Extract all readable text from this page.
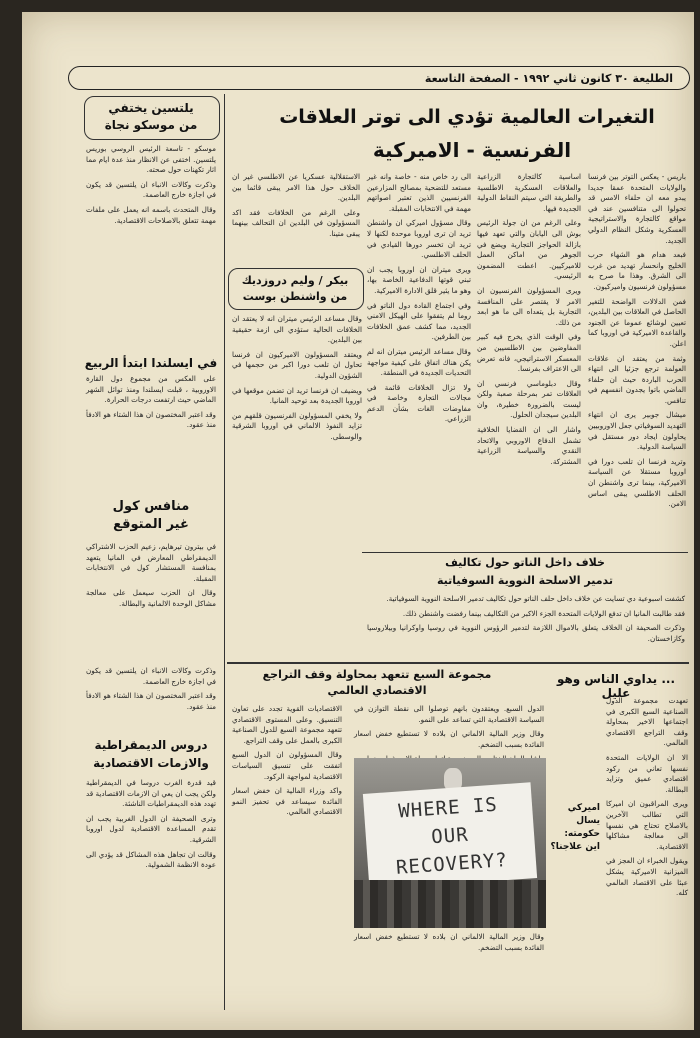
الطليعة ٣٠ كانون ثاني ١٩٩٢ - الصفحة التاسعة
التغيرات العالمية تؤدي الى توتر العلاقات
الفرنسية - الاميركية

باريس - يعكس التوتر بين فرنسا والولايات المتحدة عمقا جديدا يبدو معه ان حلفاء الامس قد تحولوا الى متنافسين عند في مواقع كالتجارة والاستراتيجية العسكرية وشكل النظام الدولي الجديد.

فبعد هدام هو الشهاء حرب الخليج وانحسار تهديد من غرب الى الشرق. وهذا ما صرح به مسؤولون فرنسيون واميركيون.

فمن الدلالات الواضحة للتغير الحاصل في العلاقات بين البلدين، تعيين لوشائع عموما عن الجنود والقاعدة الاميركية في اوروبا كما اعلن.

وثمة من يعتقد ان علاقات العولمة ترجع جزئيا الى انتهاء الحرب الباردة حيث ان حلفاء الماضي باتوا يجدون انفسهم في تنافس.

ميشال جوبير يرى ان انتهاء التهديد السوفياتي جعل الاوروبيين يحاولون ايجاد دور مستقل في السياسة الدولية.

وتريد فرنسا ان تلعب دورا في اوروبا مستقلا عن السياسة الاميركية، بينما ترى واشنطن ان الحلف الاطلسي يبقى اساس الامن.

اساسية كالتجارة الزراعية والعلاقات العسكرية الاطلسية والطريقة التي سيتم النقاط الدولية الجديدة فيها.

وعلى الرغم من ان جولة الرئيس بوش الى اليابان والتي تعهد فيها بازالة الحواجز التجارية ويضع في الجوهر من اماكن العمل للاميركيين. اعطت المضمون الرئيسي.

ويرى المسؤولون الفرنسيون ان الامر لا يقتصر على المنافسة التجارية بل يتعداه الى ما هو ابعد من ذلك.

وفي الوقت الذي يخرج فيه كبير المفاوضين بين الاطلسيين من المعسكر الاستراتيجي، فانه تعرض الى الاعتراف بفرنسا.

وقال دبلوماسي فرنسي ان العلاقات تمر بمرحلة صعبة ولكن ليست بالضرورة خطيرة، وان البلدين سيجدان الحلول.

واشار الى ان القضايا الخلافية تشمل الدفاع الاوروبي والاتحاد النقدي والسياسة الزراعية المشتركة.

الى رد خاص منه - خاصة وانه غير مستعد للتضحية بمصالح المزارعين الفرنسيين الذين تعتبر اصواتهم مهمة في الانتخابات المقبلة.

وقال مسؤول اميركي ان واشنطن تريد ان ترى اوروبا موحدة لكنها لا تريد ان تخسر دورها القيادي في الحلف الاطلسي.

ويرى ميتران ان اوروبا يجب ان تبني قوتها الدفاعية الخاصة بها، وهو ما يثير قلق الادارة الاميركية.

وفي اجتماع القادة دول الناتو في روما لم يتفقوا على الهيكل الامني الجديد، مما كشف عمق الخلافات بين الطرفين.

وقال مساعد الرئيس ميتران انه لم يكن هناك اتفاق على كيفية مواجهة التحديات الجديدة في المنطقة.

ولا تزال الخلافات قائمة في مجالات التجارة وخاصة في مفاوضات الغات بشأن الدعم الزراعي.

الاستقلالية عسكريا عن الاطلسي غير ان الخلاف حول هذا الامر يبقى قائما بين البلدين.

وعلى الرغم من الخلافات فقد اكد المسؤولون في البلدين ان التحالف بينهما يبقى متينا.

بيكر / وليم دروزديك
من واشنطن بوست

وقال مساعد الرئيس ميتران انه لا يعتقد ان الخلافات الحالية ستؤدي الى ازمة حقيقية بين البلدين.

ويعتقد المسؤولون الاميركيون ان فرنسا تحاول ان تلعب دورا اكبر من حجمها في الشؤون الدولية.

ويضيف ان فرنسا تريد ان تضمن موقعها في اوروبا الجديدة بعد توحيد المانيا.

ولا يخفي المسؤولون الفرنسيون قلقهم من تزايد النفوذ الالماني في اوروبا الشرقية والوسطى.

خلاف داخل الناتو حول تكاليف
تدمير الاسلحة النووية السوفياتية

كشفت اسبوعية دي تسايت عن خلاف داخل حلف الناتو حول تكاليف تدمير الاسلحة النووية السوفياتية.

فقد طالبت المانيا ان تدفع الولايات المتحدة الجزء الاكبر من التكاليف بينما رفضت واشنطن ذلك.

وذكرت الصحيفة ان الخلاف يتعلق بالاموال اللازمة لتدمير الرؤوس النووية في روسيا واوكرانيا وبيلاروسيا وكازاخستان.

مجموعة السبع تتعهد بمحاولة وقف التراجع
الاقتصادي العالمي

الاقتصاديات القوية تجدد على تعاون التنسيق. وعلى المستوى الاقتصادي تتعهد مجموعة السبع للدول الصناعية الكبرى بالعمل على وقف التراجع.

وقال المسؤولون ان الدول السبع اتفقت على تنسيق السياسات الاقتصادية لمواجهة الركود.

واكد وزراء المالية ان خفض اسعار الفائدة سيساعد في تحفيز النمو الاقتصادي العالمي.

الدول السبع. ويعتقدون بانهم توصلوا الى نقطة التوازن في السياسة الاقتصادية التي تساعد على النمو.

وقال وزير المالية الالماني ان بلاده لا تستطيع خفض اسعار الفائدة بسبب التضخم.

WHERE IS
OUR
RECOVERY?

وقال وزير المالية الالماني ان بلاده لا تستطيع خفض اسعار الفائدة بسبب التضخم.

... يداوي الناس وهو عليل

تعهدت مجموعة الدول الصناعية السبع الكبرى في اجتماعها الاخير بمحاولة وقف التراجع الاقتصادي العالمي.

الا ان الولايات المتحدة نفسها تعاني من ركود اقتصادي عميق وتزايد البطالة.

ويرى المراقبون ان اميركا التي تطالب الآخرين بالاصلاح تحتاج هي نفسها الى معالجة مشاكلها الاقتصادية.

ويقول الخبراء ان العجز في الميزانية الاميركية يشكل عبئا على الاقتصاد العالمي كله.

اميركي يسال حكومته: اين علاجنا؟
يلتسين يختفي
من موسكو نجاة

موسكو - تاسعة الرئيس الروسي بوريس يلتسين. اختفى عن الانظار منذ عدة ايام مما اثار تكهنات حول صحته.

وذكرت وكالات الانباء ان يلتسين قد يكون في اجازة خارج العاصمة.

وقال المتحدث باسمه انه يعمل على ملفات مهمة تتعلق بالاصلاحات الاقتصادية.

في ايسلندا ابتدأ الربيع

على العكس من مجموع دول القارة الاوروبية ، قبلت ايسلندا ومنذ توائل الشهر الماضي حيث ارتفعت درجات الحرارة.

وقد اعتبر المختصون ان هذا الشتاء هو الادفأ منذ عقود.

منافس كول
غير المتوقع

في بيترون تيرهايم، زعيم الحزب الاشتراكي الديمقراطي المعارض في المانيا يتعهد بمنافسة المستشار كول في الانتخابات المقبلة.

وقال ان الحزب سيعمل على معالجة مشاكل الوحدة الالمانية والبطالة.

دروس الديمقراطية
والازمات الاقتصادية

قيد قدرة الغرب دروسا في الديمقراطية ولكن يجب ان يعي ان الازمات الاقتصادية قد تهدد هذه الديمقراطيات الناشئة.

وترى الصحيفة ان الدول الغربية يجب ان تقدم المساعدة الاقتصادية لدول اوروبا الشرقية.

وقالت ان تجاهل هذه المشاكل قد يؤدي الى عودة الانظمة الشمولية.

وذكرت وكالات الانباء ان يلتسين قد يكون في اجازة خارج العاصمة.

وقد اعتبر المختصون ان هذا الشتاء هو الادفأ منذ عقود.
